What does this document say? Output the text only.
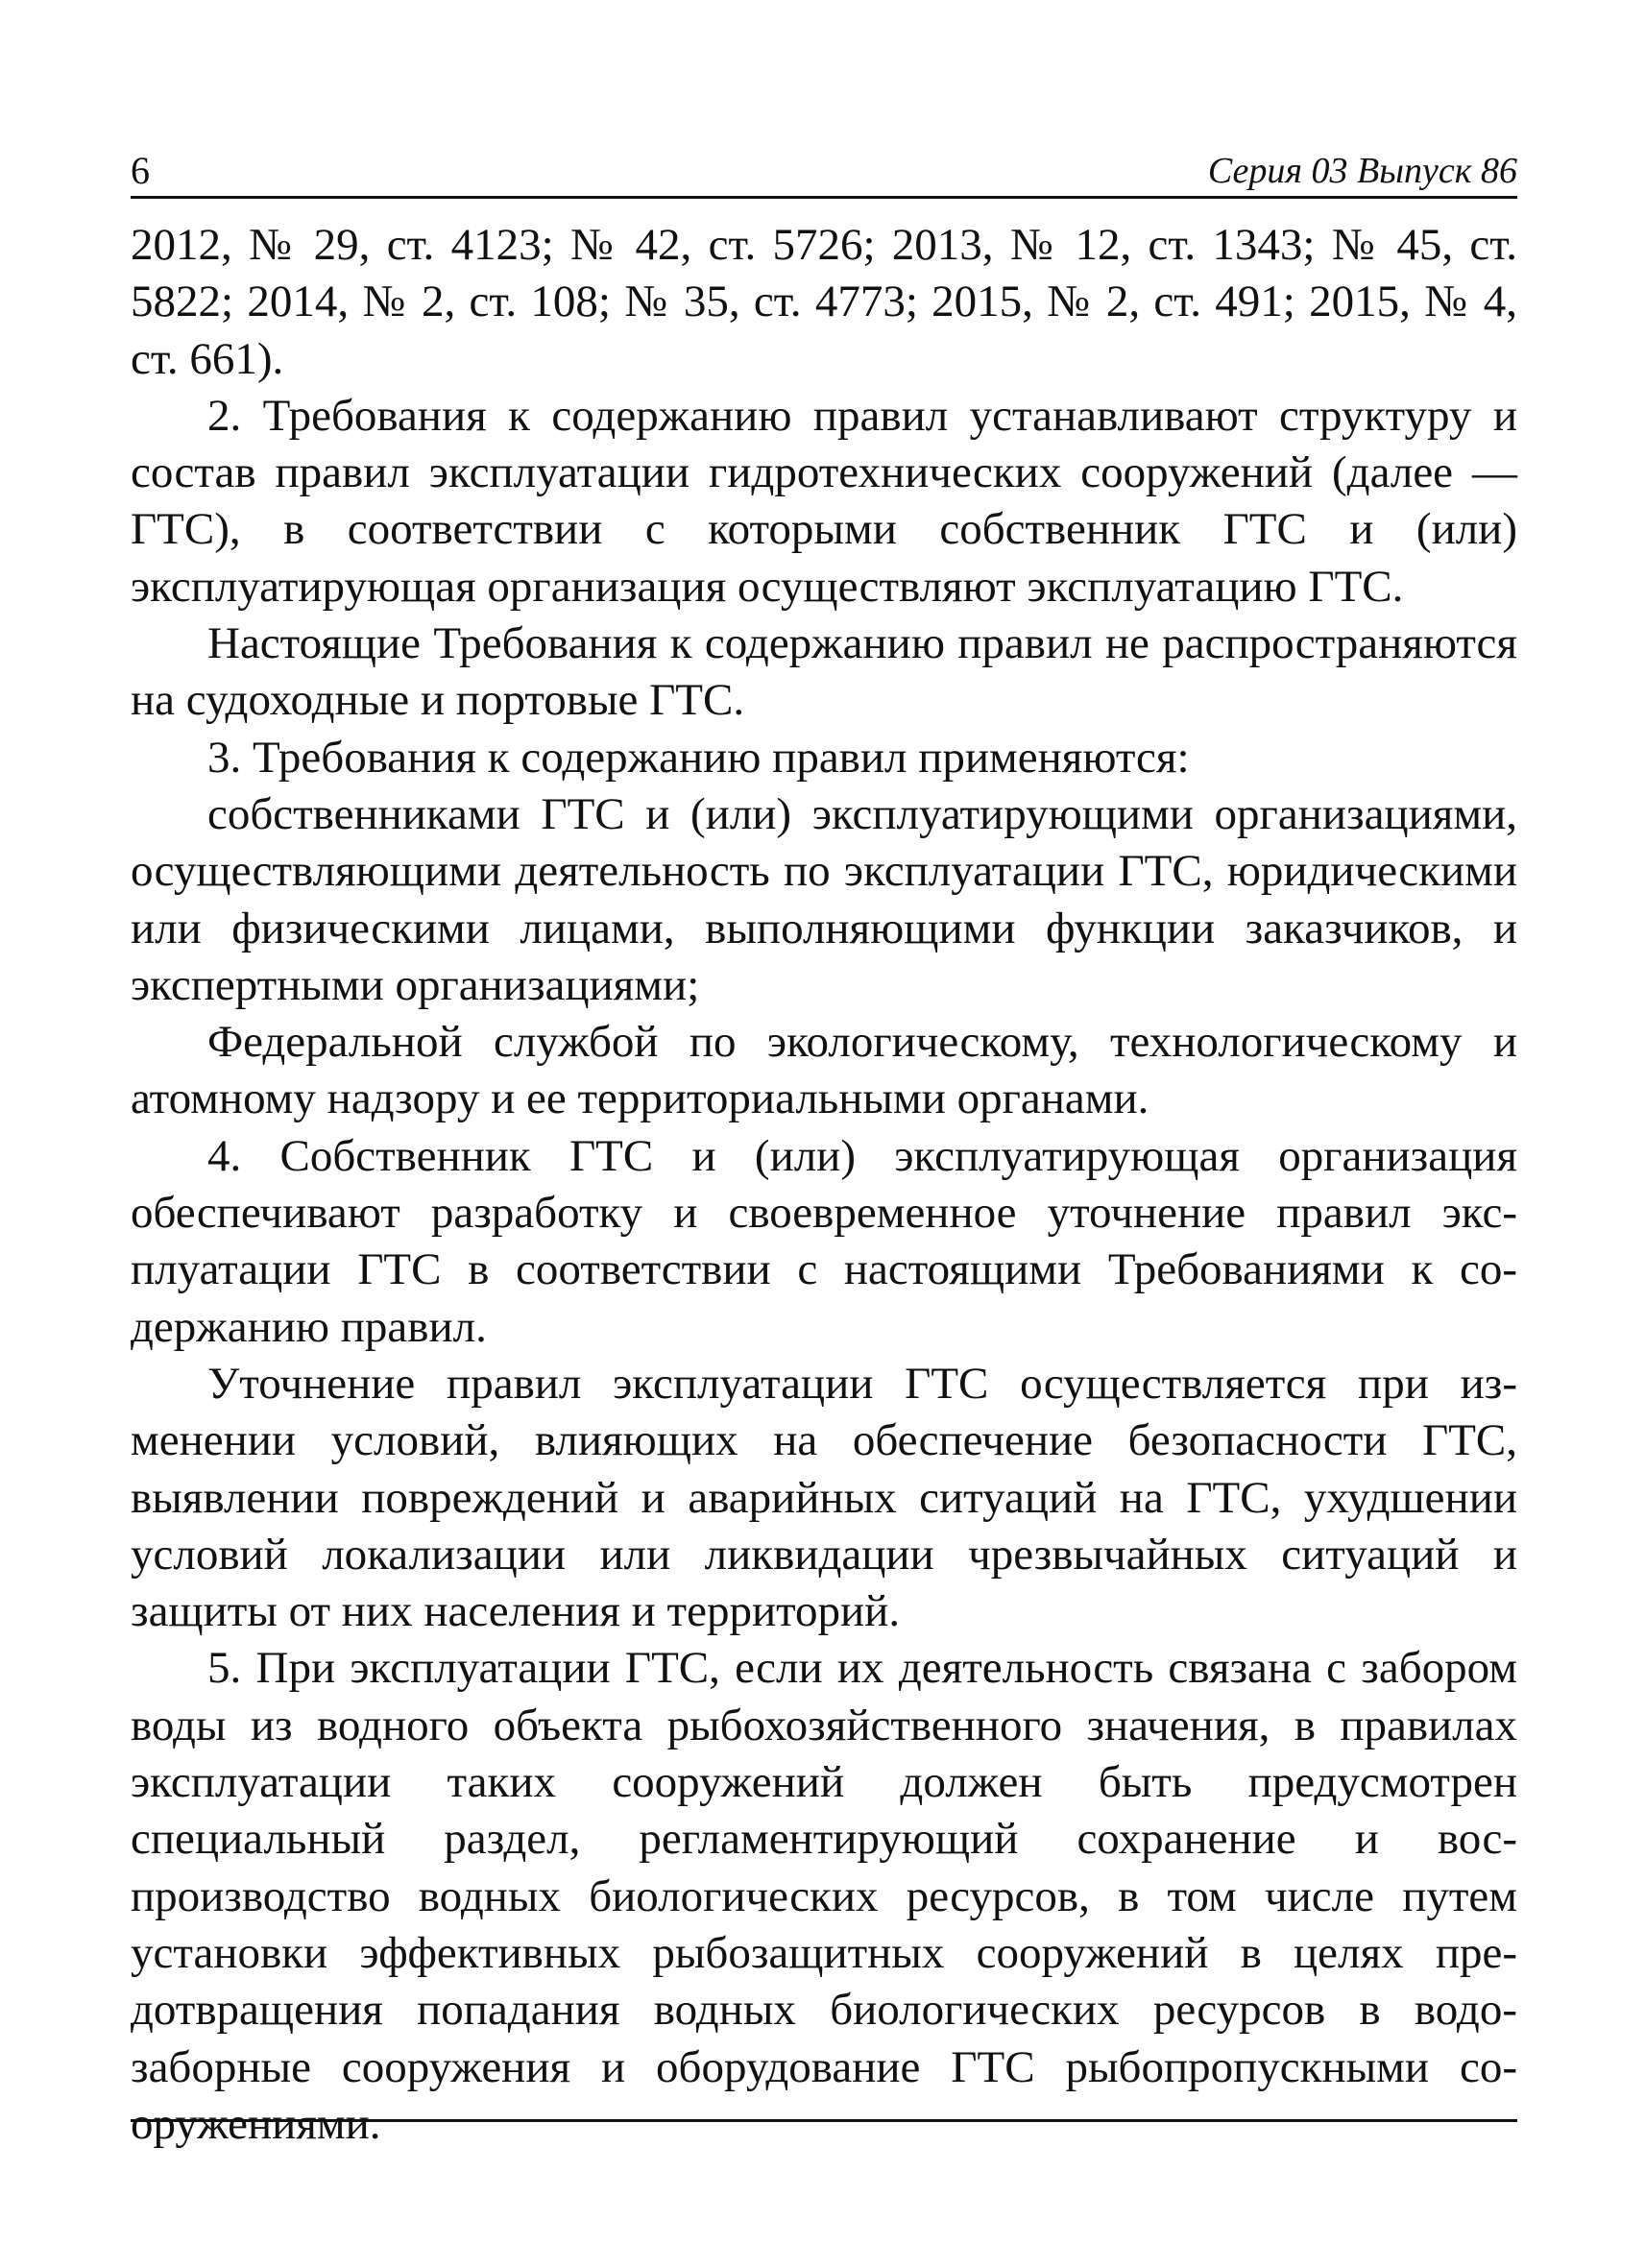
6	Серия 03 Выпуск 86

2012, № 29, ст. 4123; № 42, ст. 5726; 2013, № 12, ст. 1343; № 45, ст. 5822; 2014, № 2, ст. 108; № 35, ст. 4773; 2015, № 2, ст. 491; 2015, № 4, ст. 661).

2. Требования к содержанию правил устанавливают структуру и состав правил эксплуатации гидротехнических сооружений (далее — ГТС), в соответствии с которыми собственник ГТС и (или) эксплуатирующая организация осуществляют эксплуатацию ГТС.

Настоящие Требования к содержанию правил не распространяются на судоходные и портовые ГТС.

3. Требования к содержанию правил применяются:

собственниками ГТС и (или) эксплуатирующими организациями, осуществляющими деятельность по эксплуатации ГТС, юридическими или физическими лицами, выполняющими функции заказчиков, и экспертными организациями;

Федеральной службой по экологическому, технологическому и атомному надзору и ее территориальными органами.

4. Собственник ГТС и (или) эксплуатирующая организация обеспечивают разработку и своевременное уточнение правил эксплуатации ГТС в соответствии с настоящими Требованиями к содержанию правил.

Уточнение правил эксплуатации ГТС осуществляется при изменении условий, влияющих на обеспечение безопасности ГТС, выявлении повреждений и аварийных ситуаций на ГТС, ухудшении условий локализации или ликвидации чрезвычайных ситуаций и защиты от них населения и территорий.

5. При эксплуатации ГТС, если их деятельность связана с забором воды из водного объекта рыбохозяйственного значения, в правилах эксплуатации таких сооружений должен быть предусмотрен специальный раздел, регламентирующий сохранение и воспроизводство водных биологических ресурсов, в том числе путем установки эффективных рыбозащитных сооружений в целях предотвращения попадания водных биологических ресурсов в водозаборные сооружения и оборудование ГТС рыбопропускными сооружениями.
